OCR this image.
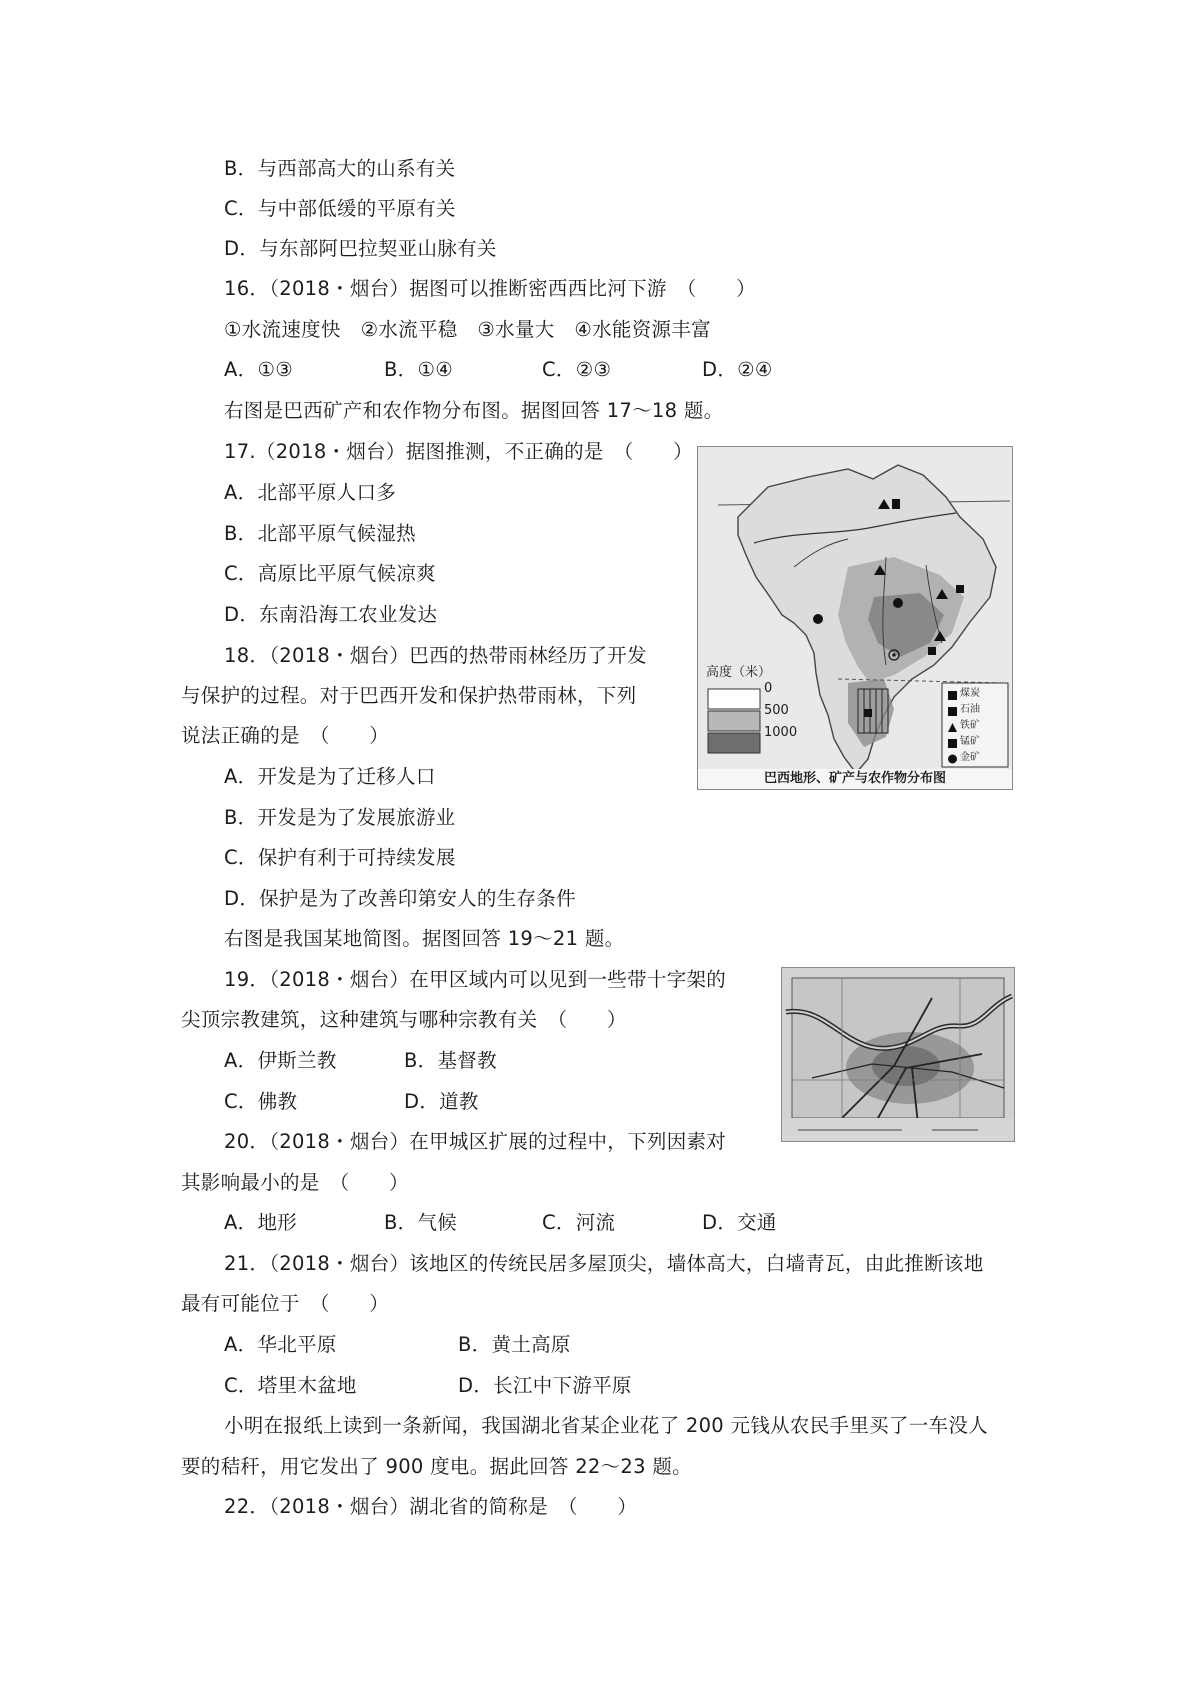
B．与西部高大的山系有关
C．与中部低缓的平原有关
D．与东部阿巴拉契亚山脉有关
16．（2018・烟台）据图可以推断密西西比河下游　（　　）
①水流速度快　②水流平稳　③水量大　④水能资源丰富
A．①③	B．①④	C．②③	D．②④
右图是巴西矿产和农作物分布图。据图回答 17～18 题。
17.（2018・烟台）据图推测，不正确的是　（　　）
A．北部平原人口多
B．北部平原气候湿热
C．高原比平原气候凉爽
D．东南沿海工农业发达
18．（2018・烟台）巴西的热带雨林经历了开发
与保护的过程。对于巴西开发和保护热带雨林，下列
说法正确的是　（　　）
A．开发是为了迁移人口
B．开发是为了发展旅游业
C．保护有利于可持续发展
D．保护是为了改善印第安人的生存条件
右图是我国某地简图。据图回答 19～21 题。
19．（2018・烟台）在甲区域内可以见到一些带十字架的
尖顶宗教建筑，这种建筑与哪种宗教有关　（　　）
A．伊斯兰教	B．基督教
C．佛教	D．道教
20．（2018・烟台）在甲城区扩展的过程中，下列因素对
其影响最小的是　（　　）
A．地形	B．气候	C．河流	D．交通
21．（2018・烟台）该地区的传统民居多屋顶尖，墙体高大，白墙青瓦，由此推断该地
最有可能位于　（　　）
A．华北平原	B．黄土高原
C．塔里木盆地	D．长江中下游平原
小明在报纸上读到一条新闻，我国湖北省某企业花了 200 元钱从农民手里买了一车没人
要的秸秆，用它发出了 900 度电。据此回答 22～23 题。
22．（2018・烟台）湖北省的简称是　（　　）
高度（米）
0
500
1000
煤炭
石油
铁矿
锰矿
金矿
巴西地形、矿产与农作物分布图
